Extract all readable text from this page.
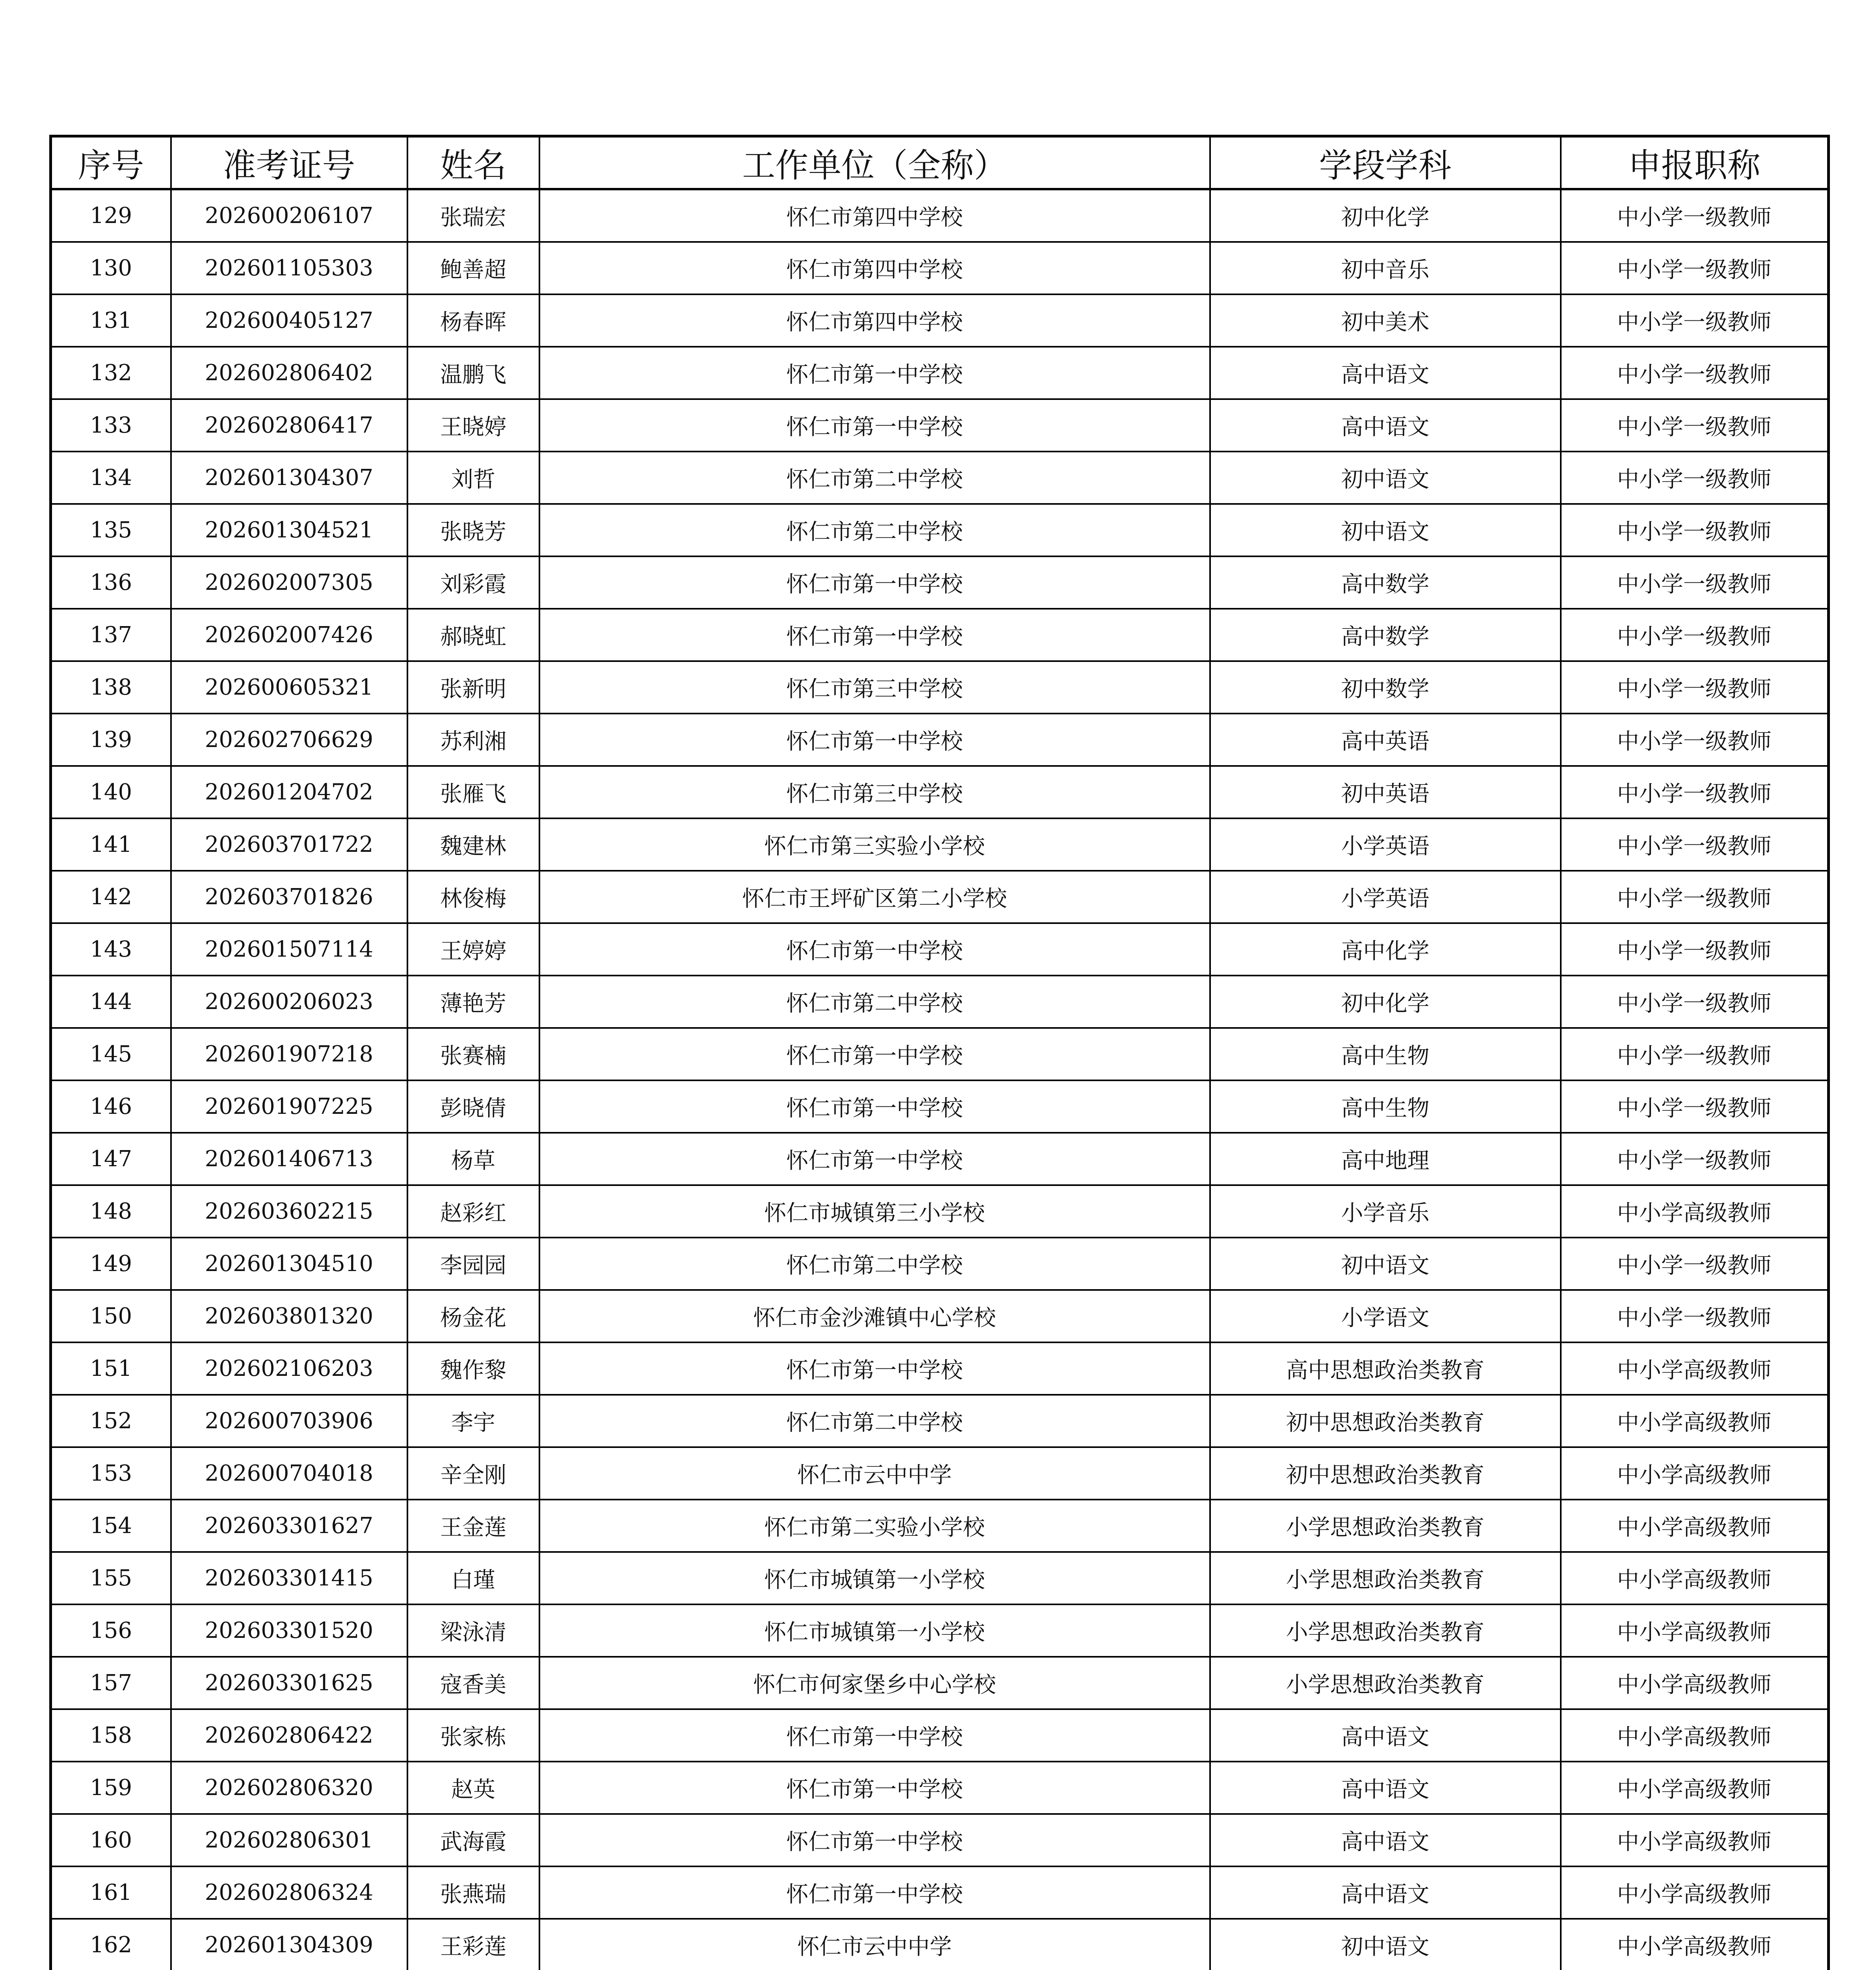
序号	准考证号	姓名	工作单位（全称）	学段学科	申报职称
129	202600206107	张瑞宏	怀仁市第四中学校	初中化学	中小学一级教师
130	202601105303	鲍善超	怀仁市第四中学校	初中音乐	中小学一级教师
131	202600405127	杨春晖	怀仁市第四中学校	初中美术	中小学一级教师
132	202602806402	温鹏飞	怀仁市第一中学校	高中语文	中小学一级教师
133	202602806417	王晓婷	怀仁市第一中学校	高中语文	中小学一级教师
134	202601304307	刘哲	怀仁市第二中学校	初中语文	中小学一级教师
135	202601304521	张晓芳	怀仁市第二中学校	初中语文	中小学一级教师
136	202602007305	刘彩霞	怀仁市第一中学校	高中数学	中小学一级教师
137	202602007426	郝晓虹	怀仁市第一中学校	高中数学	中小学一级教师
138	202600605321	张新明	怀仁市第三中学校	初中数学	中小学一级教师
139	202602706629	苏利湘	怀仁市第一中学校	高中英语	中小学一级教师
140	202601204702	张雁飞	怀仁市第三中学校	初中英语	中小学一级教师
141	202603701722	魏建林	怀仁市第三实验小学校	小学英语	中小学一级教师
142	202603701826	林俊梅	怀仁市王坪矿区第二小学校	小学英语	中小学一级教师
143	202601507114	王婷婷	怀仁市第一中学校	高中化学	中小学一级教师
144	202600206023	薄艳芳	怀仁市第二中学校	初中化学	中小学一级教师
145	202601907218	张赛楠	怀仁市第一中学校	高中生物	中小学一级教师
146	202601907225	彭晓倩	怀仁市第一中学校	高中生物	中小学一级教师
147	202601406713	杨草	怀仁市第一中学校	高中地理	中小学一级教师
148	202603602215	赵彩红	怀仁市城镇第三小学校	小学音乐	中小学高级教师
149	202601304510	李园园	怀仁市第二中学校	初中语文	中小学一级教师
150	202603801320	杨金花	怀仁市金沙滩镇中心学校	小学语文	中小学一级教师
151	202602106203	魏作黎	怀仁市第一中学校	高中思想政治类教育	中小学高级教师
152	202600703906	李宇	怀仁市第二中学校	初中思想政治类教育	中小学高级教师
153	202600704018	辛全刚	怀仁市云中中学	初中思想政治类教育	中小学高级教师
154	202603301627	王金莲	怀仁市第二实验小学校	小学思想政治类教育	中小学高级教师
155	202603301415	白瑾	怀仁市城镇第一小学校	小学思想政治类教育	中小学高级教师
156	202603301520	梁泳清	怀仁市城镇第一小学校	小学思想政治类教育	中小学高级教师
157	202603301625	寇香美	怀仁市何家堡乡中心学校	小学思想政治类教育	中小学高级教师
158	202602806422	张家栋	怀仁市第一中学校	高中语文	中小学高级教师
159	202602806320	赵英	怀仁市第一中学校	高中语文	中小学高级教师
160	202602806301	武海霞	怀仁市第一中学校	高中语文	中小学高级教师
161	202602806324	张燕瑞	怀仁市第一中学校	高中语文	中小学高级教师
162	202601304309	王彩莲	怀仁市云中中学	初中语文	中小学高级教师
